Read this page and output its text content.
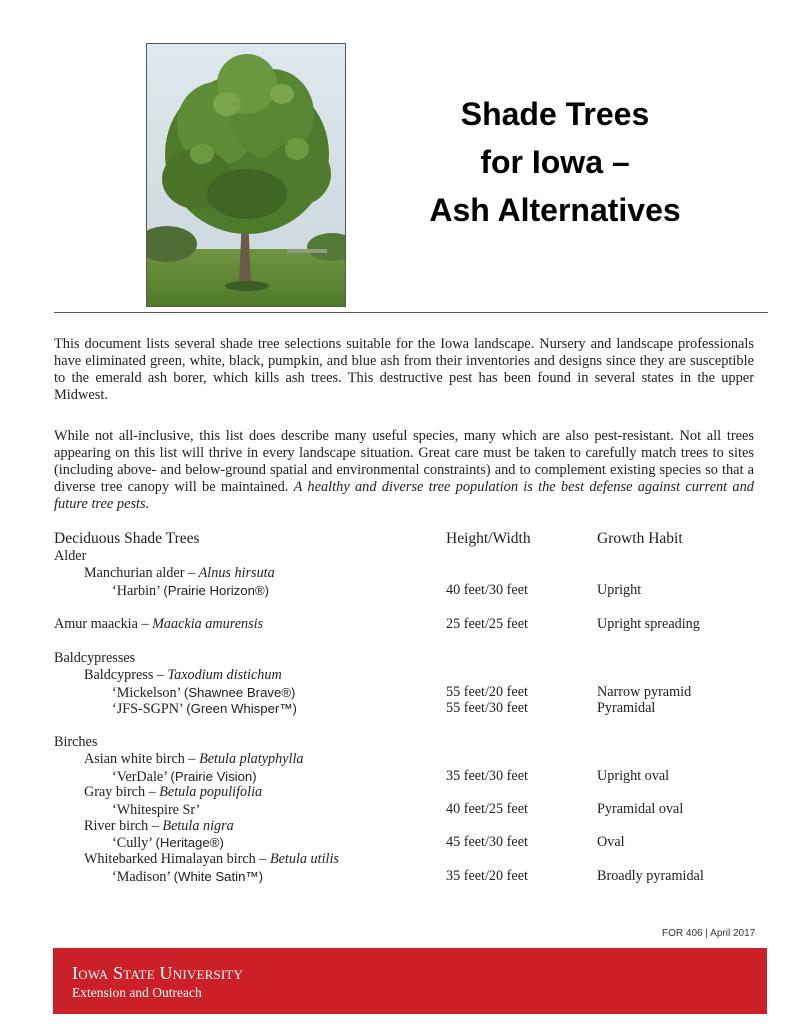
Shade Trees
for Iowa –
Ash Alternatives

This document lists several shade tree selections suitable for the Iowa landscape. Nursery and landscape professionals have eliminated green, white, black, pumpkin, and blue ash from their inventories and designs since they are susceptible to the emerald ash borer, which kills ash trees. This destructive pest has been found in several states in the upper Midwest.

While not all-inclusive, this list does describe many useful species, many which are also pest-resistant. Not all trees appearing on this list will thrive in every landscape situation. Great care must be taken to carefully match trees to sites (including above- and below-ground spatial and environmental constraints) and to complement existing species so that a diverse tree canopy will be maintained. A healthy and diverse tree population is the best defense against current and future tree pests.

Deciduous Shade Trees	Height/Width	Growth Habit
Alder
Manchurian alder – Alnus hirsuta
‘Harbin’ (Prairie Horizon®)	40 feet/30 feet	Upright
Amur maackia – Maackia amurensis	25 feet/25 feet	Upright spreading
Baldcypresses
Baldcypress – Taxodium distichum
‘Mickelson’ (Shawnee Brave®)	55 feet/20 feet	Narrow pyramid
‘JFS-SGPN’ (Green Whisper™)	55 feet/30 feet	Pyramidal
Birches
Asian white birch – Betula platyphylla
‘VerDale’ (Prairie Vision)	35 feet/30 feet	Upright oval
Gray birch – Betula populifolia
‘Whitespire Sr’	40 feet/25 feet	Pyramidal oval
River birch – Betula nigra
‘Cully’ (Heritage®)	45 feet/30 feet	Oval
Whitebarked Himalayan birch – Betula utilis
‘Madison’ (White Satin™)	35 feet/20 feet	Broadly pyramidal
FOR 406 | April 2017
Iowa State University
Extension and Outreach
